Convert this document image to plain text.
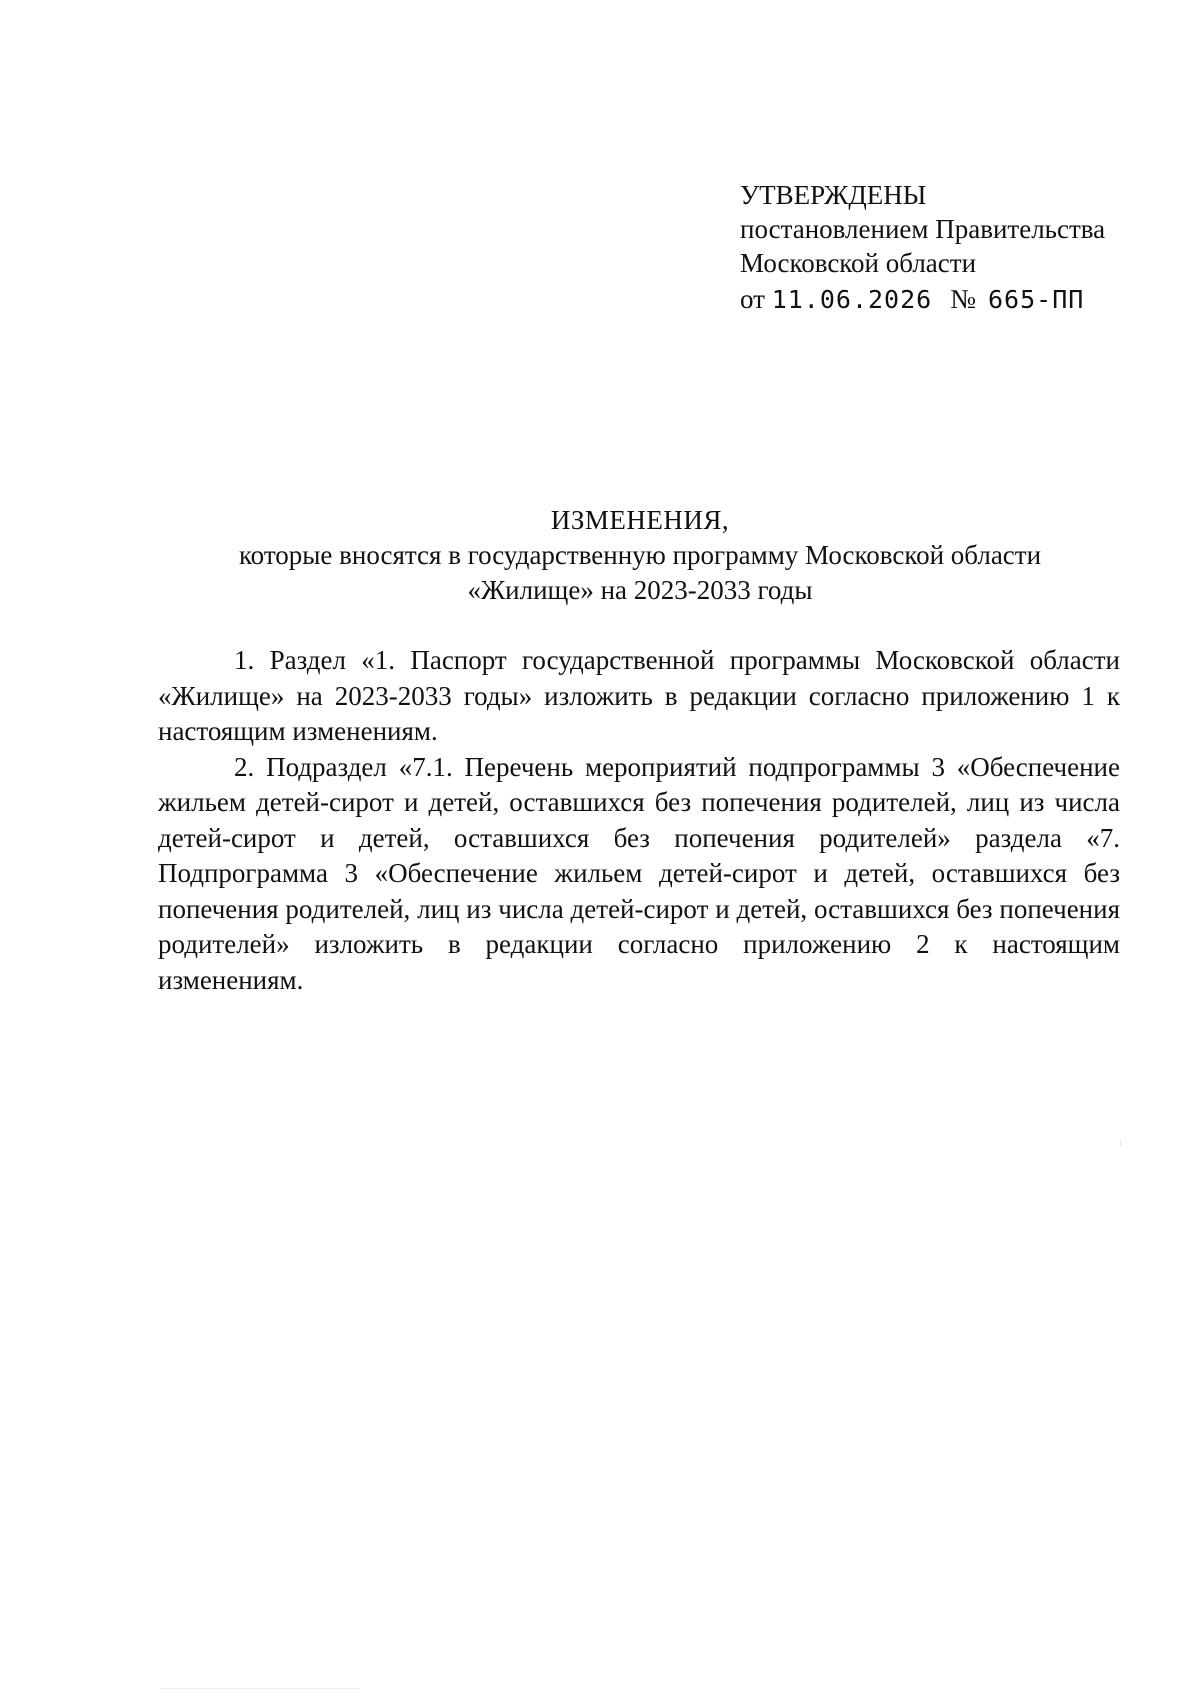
УТВЕРЖДЕНЫ
постановлением Правительства
Московской области
от 11.06.2026 № 665-ПП
ИЗМЕНЕНИЯ,
которые вносятся в государственную программу Московской области
«Жилище» на 2023-2033 годы

1. Раздел «1. Паспорт государственной программы Московской области «Жилище» на 2023-2033 годы» изложить в редакции согласно приложению 1 к настоящим изменениям.

2. Подраздел «7.1. Перечень мероприятий подпрограммы 3 «Обеспечение жильем детей-сирот и детей, оставшихся без попечения родителей, лиц из числа детей-сирот и детей, оставшихся без попечения родителей» раздела «7. Подпрограмма 3 «Обеспечение жильем детей-сирот и детей, оставшихся без попечения родителей, лиц из числа детей-сирот и детей, оставшихся без попечения родителей» изложить в редакции согласно приложению 2 к настоящим изменениям.
